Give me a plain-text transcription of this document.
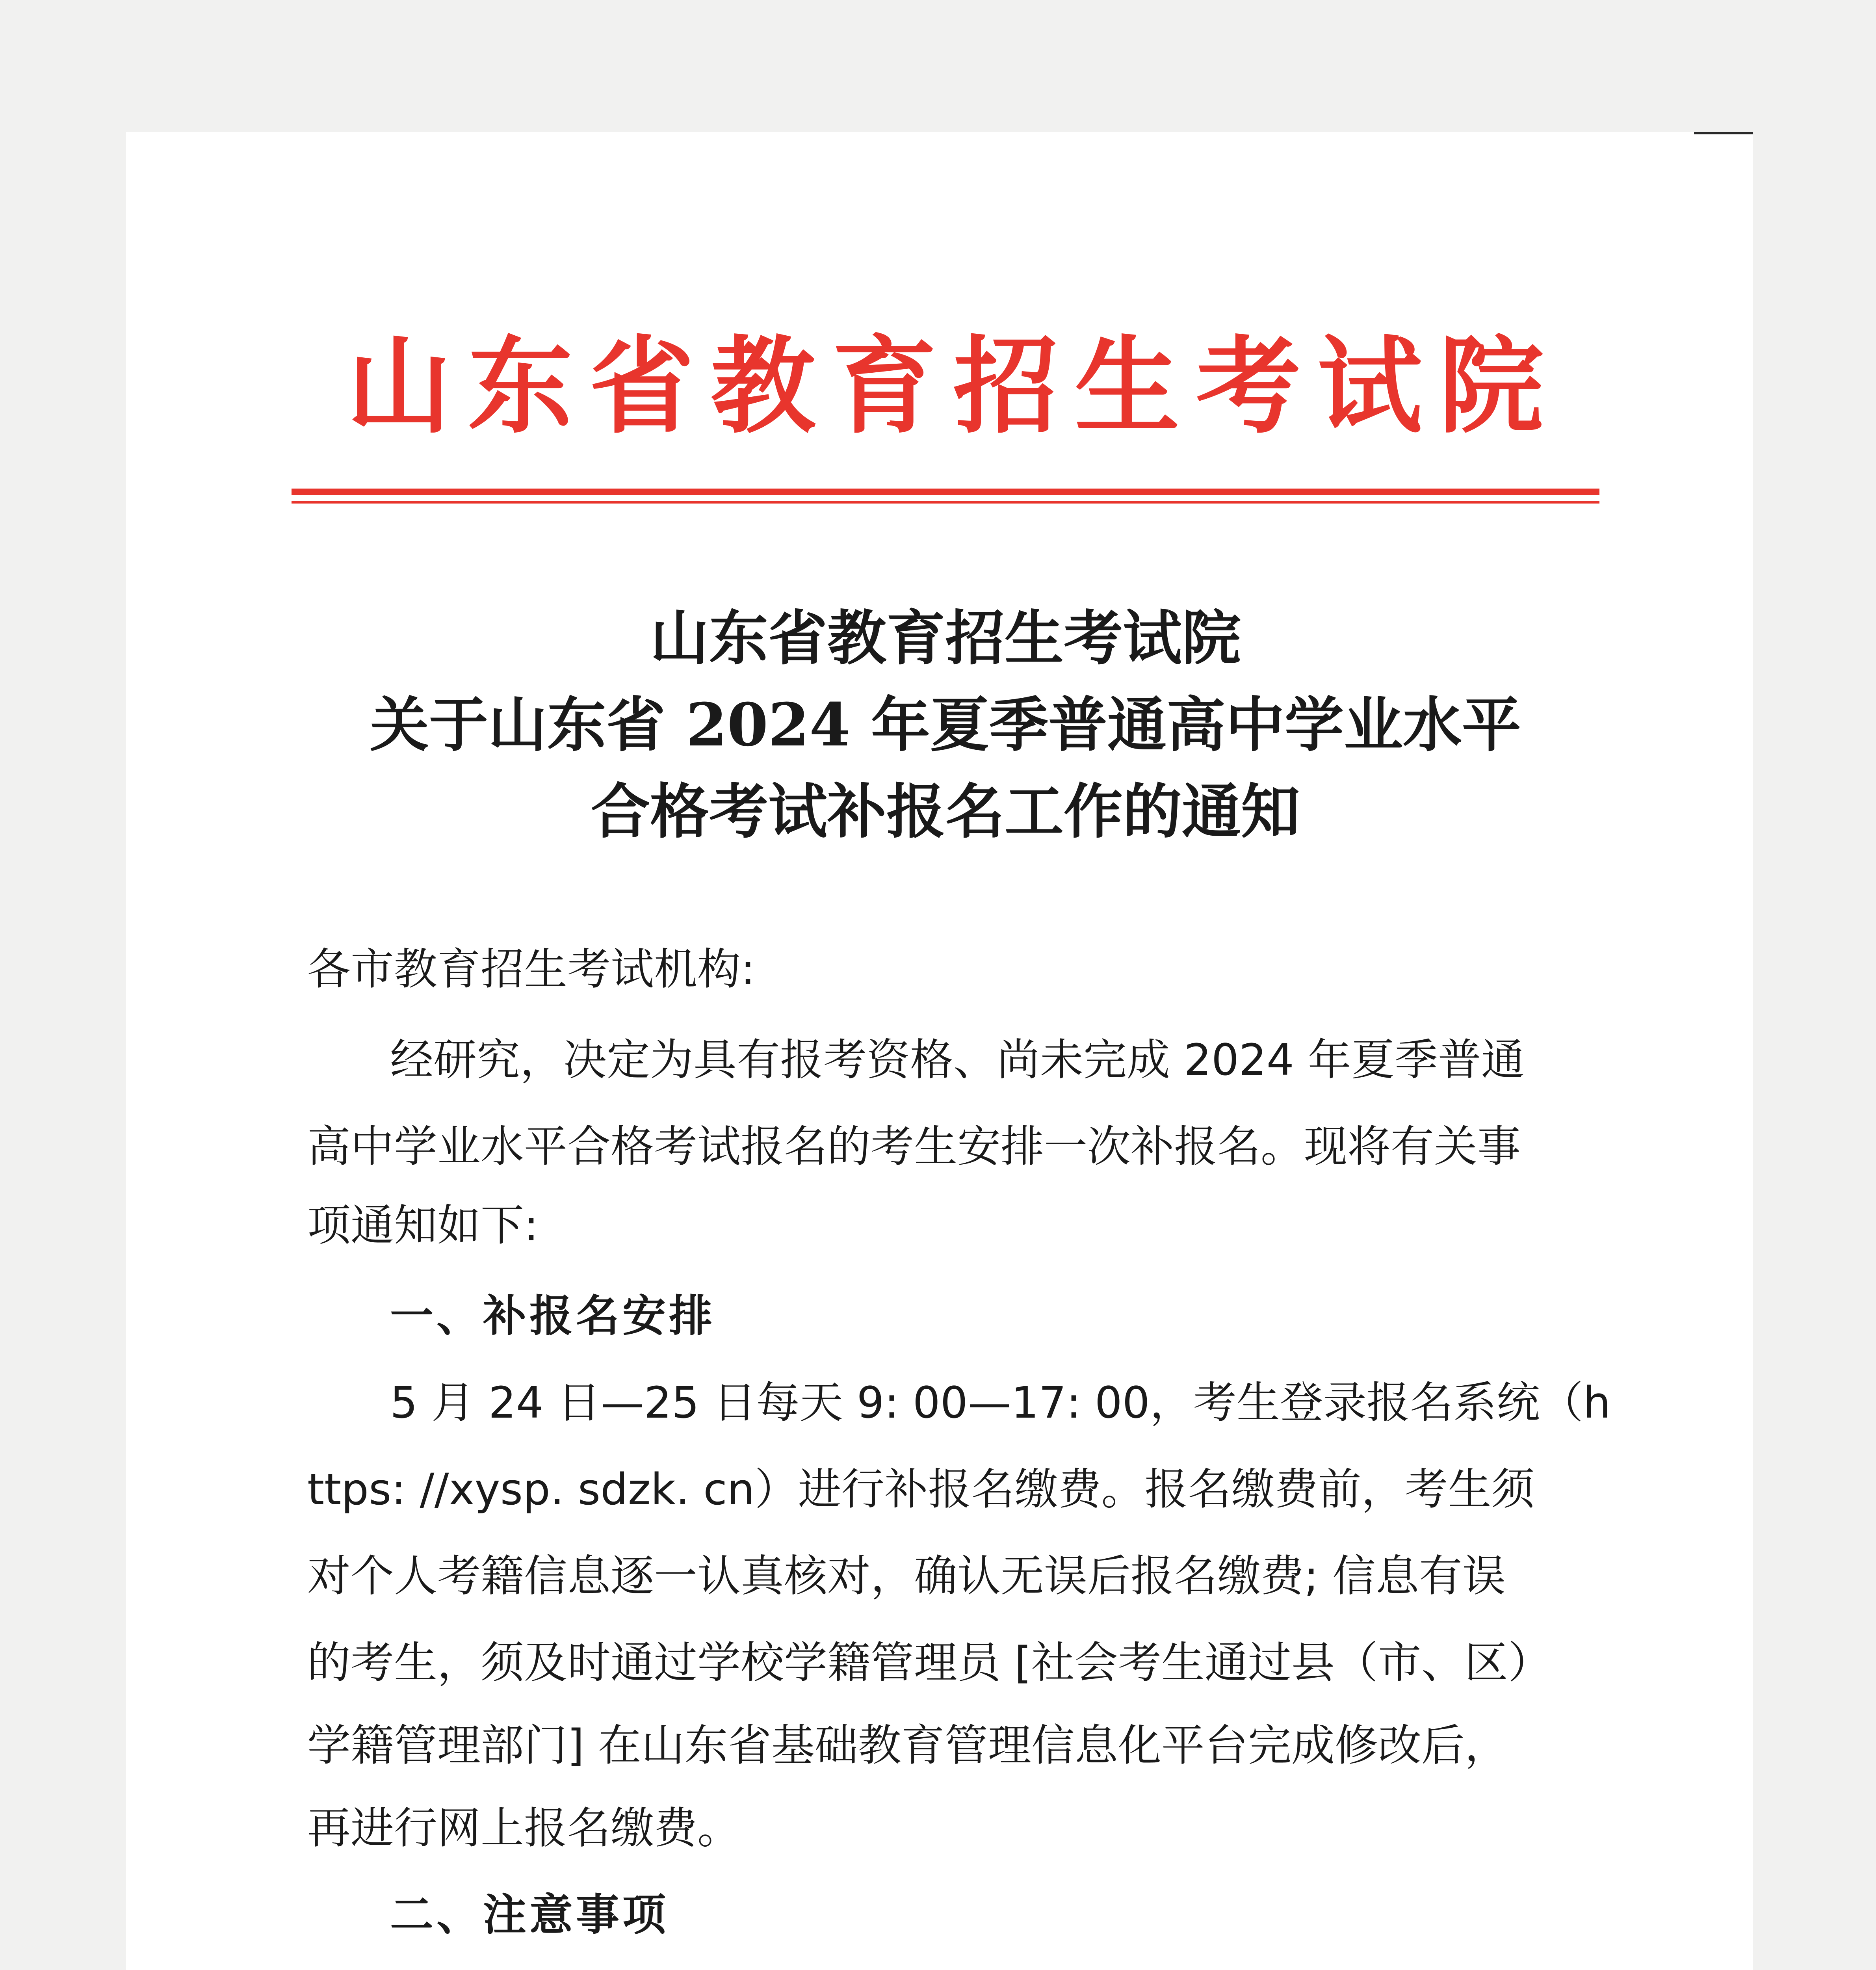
山东省教育招生考试院
山东省教育招生考试院
关于山东省 2024 年夏季普通高中学业水平
合格考试补报名工作的通知
各市教育招生考试机构:
经研究，决定为具有报考资格、尚未完成 2024 年夏季普通
高中学业水平合格考试报名的考生安排一次补报名。现将有关事
项通知如下:
一、补报名安排
5 月 24 日—25 日每天 9: 00—17: 00，考生登录报名系统（h
ttps: //xysp. sdzk. cn）进行补报名缴费。报名缴费前，考生须
对个人考籍信息逐一认真核对，确认无误后报名缴费; 信息有误
的考生，须及时通过学校学籍管理员 [社会考生通过县（市、区）
学籍管理部门] 在山东省基础教育管理信息化平台完成修改后，
再进行网上报名缴费。
二、注意事项
